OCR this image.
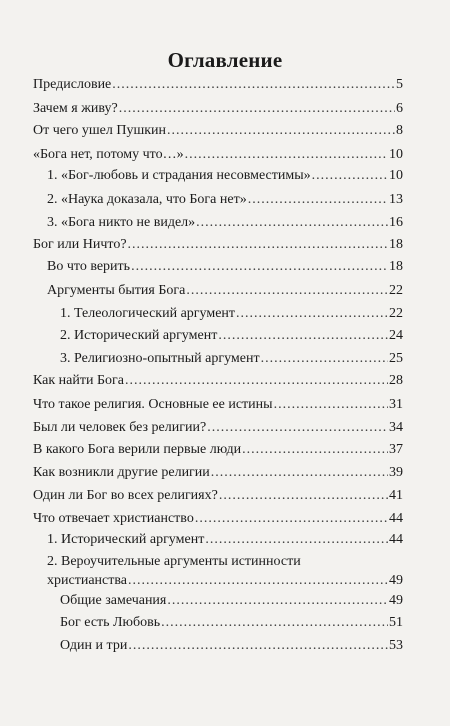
Оглавление
Предисловие .....	5
Зачем я живу? .....	6
От чего ушел Пушкин .....	8
«Бога нет, потому что…» .....	10
1. «Бог-любовь и страдания несовместимы» .....	10
2. «Наука доказала, что Бога нет» .....	13
3. «Бога никто не видел» .....	16
Бог или Ничто? .....	18
Во что верить .....	18
Аргументы бытия Бога .....	22
1. Телеологический аргумент .....	22
2. Исторический аргумент .....	24
3. Религиозно-опытный аргумент .....	25
Как найти Бога .....	28
Что такое религия. Основные ее истины .....	31
Был ли человек без религии? .....	34
В какого Бога верили первые люди .....	37
Как возникли другие религии .....	39
Один ли Бог во всех религиях? .....	41
Что отвечает христианство .....	44
1. Исторический аргумент .....	44
2. Вероучительные аргументы истинности
христианства .....	49
Общие замечания .....	49
Бог есть Любовь .....	51
Один и три .....	53
